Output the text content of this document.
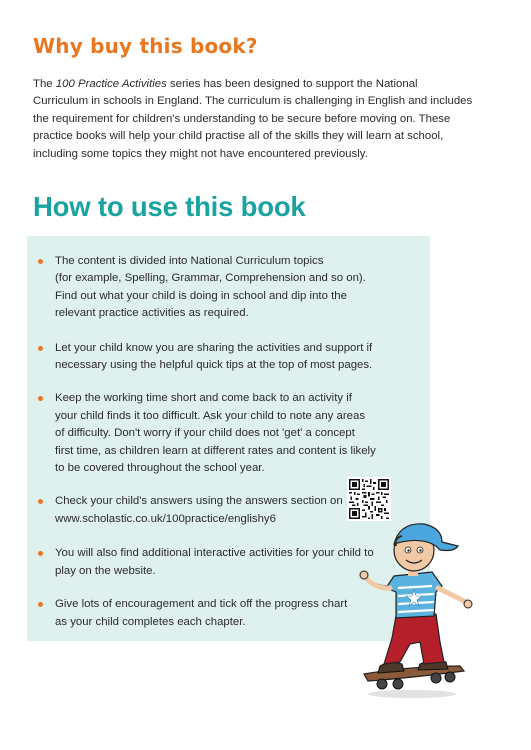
Why buy this book?
The 100 Practice Activities series has been designed to support the National
Curriculum in schools in England. The curriculum is challenging in English and includes
the requirement for children's understanding to be secure before moving on. These
practice books will help your child practise all of the skills they will learn at school,
including some topics they might not have encountered previously.
How to use this book
The content is divided into National Curriculum topics
(for example, Spelling, Grammar, Comprehension and so on).
Find out what your child is doing in school and dip into the
relevant practice activities as required.
Let your child know you are sharing the activities and support if
necessary using the helpful quick tips at the top of most pages.
Keep the working time short and come back to an activity if
your child finds it too difficult. Ask your child to note any areas
of difficulty. Don't worry if your child does not 'get' a concept
first time, as children learn at different rates and content is likely
to be covered throughout the school year.
Check your child's answers using the answers section on
www.scholastic.co.uk/100practice/englishy6
You will also find additional interactive activities for your child to
play on the website.
Give lots of encouragement and tick off the progress chart
as your child completes each chapter.
